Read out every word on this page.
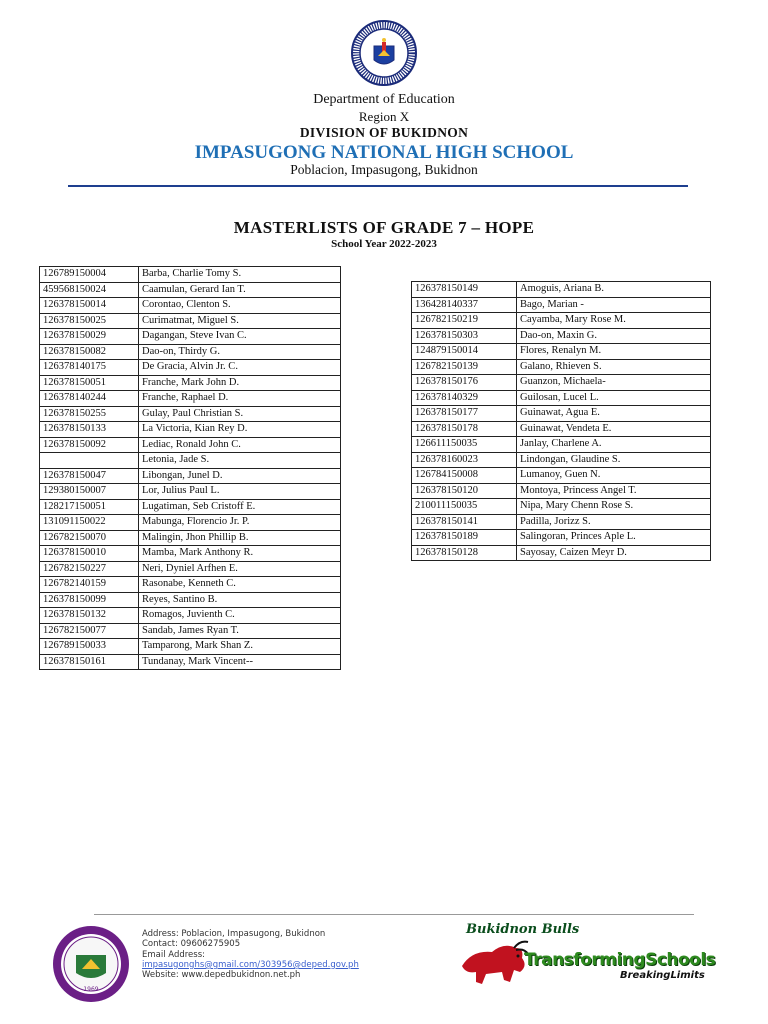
Department of Education
Region X
DIVISION OF BUKIDNON
IMPASUGONG NATIONAL HIGH SCHOOL
Poblacion, Impasugong, Bukidnon
MASTERLISTS OF GRADE 7 – HOPE
School Year 2022-2023
126789150004	Barba, Charlie Tomy S.
459568150024	Caamulan, Gerard Ian T.
126378150014	Corontao, Clenton S.
126378150025	Curimatmat, Miguel S.
126378150029	Dagangan, Steve Ivan C.
126378150082	Dao-on, Thirdy G.
126378140175	De Gracia, Alvin Jr. C.
126378150051	Franche, Mark John D.
126378140244	Franche, Raphael D.
126378150255	Gulay, Paul Christian S.
126378150133	La Victoria, Kian Rey D.
126378150092	Lediac, Ronald John C.
	Letonia, Jade S.
126378150047	Libongan, Junel D.
129380150007	Lor, Julius Paul L.
128217150051	Lugatiman, Seb Cristoff E.
131091150022	Mabunga, Florencio Jr. P.
126782150070	Malingin, Jhon Phillip B.
126378150010	Mamba, Mark Anthony R.
126782150227	Neri, Dyniel Arfhen E.
126782140159	Rasonabe, Kenneth C.
126378150099	Reyes, Santino B.
126378150132	Romagos, Juvienth C.
126782150077	Sandab, James Ryan T.
126789150033	Tamparong, Mark Shan Z.
126378150161	Tundanay, Mark Vincent--
126378150149	Amoguis, Ariana B.
136428140337	Bago, Marian -
126782150219	Cayamba, Mary Rose M.
126378150303	Dao-on, Maxin G.
124879150014	Flores, Renalyn M.
126782150139	Galano, Rhieven S.
126378150176	Guanzon, Michaela-
126378140329	Guilosan, Lucel L.
126378150177	Guinawat, Agua E.
126378150178	Guinawat, Vendeta E.
126611150035	Janlay, Charlene A.
126378160023	Lindongan, Glaudine S.
126784150008	Lumanoy, Guen N.
126378150120	Montoya, Princess Angel T.
210011150035	Nipa, Mary Chenn Rose S.
126378150141	Padilla, Jorizz S.
126378150189	Salingoran, Princes Aple L.
126378150128	Sayosay, Caizen Meyr D.
1969
Address: Poblacion, Impasugong, Bukidnon
Contact: 09606275905
Email Address:
impasugonghs@gmail.com/303956@deped.gov.ph
Website: www.depedbukidnon.net.ph
Bukidnon Bulls
TransformingSchools
BreakingLimits
